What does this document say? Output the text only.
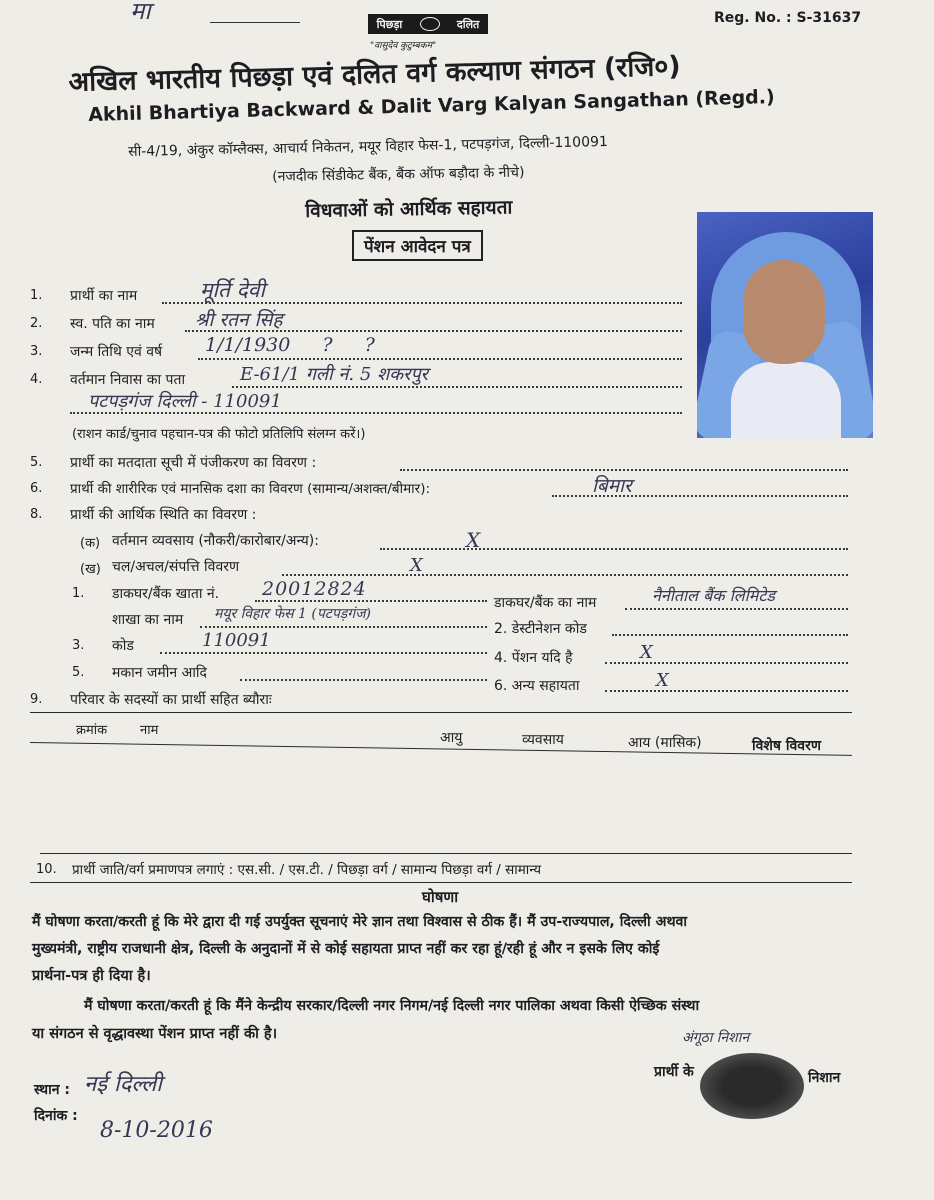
मा	पिछड़ा	दलित
"वासुदेव कुटुम्बकम"
Reg. No. : S-31637
अखिल भारतीय पिछड़ा एवं दलित वर्ग कल्याण संगठन (रजि०)
Akhil Bhartiya Backward & Dalit Varg Kalyan Sangathan (Regd.)
सी-4/19, अंकुर कॉम्लैक्स, आचार्य निकेतन, मयूर विहार फेस-1, पटपड़गंज, दिल्ली-110091
(नजदीक सिंडीकेट बैंक, बैंक ऑफ बड़ौदा के नीचे)
विधवाओं को आर्थिक सहायता
पेंशन आवेदन पत्र
1. प्रार्थी का नाम	मूर्ति देवी
2. स्व. पति का नाम श्री रतन सिंह
3. जन्म तिथि एवं वर्ष 1/1/1930 ? ?
4. वर्तमान निवास का पता	E-61/1 गली नं. 5 शकरपुर
पटपड़गंज दिल्ली - 110091
(राशन कार्ड/चुनाव पहचान-पत्र की फोटो प्रतिलिपि संलग्न करें।)
5. प्रार्थी का मतदाता सूची में पंजीकरण का विवरण :
6. प्रार्थी की शारीरिक एवं मानसिक दशा का विवरण (सामान्य/अशक्त/बीमार):	बिमार
8. प्रार्थी की आर्थिक स्थिति का विवरण :
(क) वर्तमान व्यवसाय (नौकरी/कारोबार/अन्य):	X
(ख) चल/अचल/संपत्ति विवरण	X
1. डाकघर/बैंक खाता नं. 20012824
डाकघर/बैंक का नाम	नैनीताल बैंक लिमिटेड
शाखा का नाम मयूर विहार फेस 1 (पटपड़गंज)
2. डेस्टीनेशन कोड
3. कोड	110091
4. पेंशन यदि है	X
5. मकान जमीन आदि
6. अन्य सहायता	X
9. परिवार के सदस्यों का प्रार्थी सहित ब्यौराः
क्रमांक	नाम	आयु	व्यवसाय	आय (मासिक)	विशेष विवरण
10. प्रार्थी जाति/वर्ग प्रमाणपत्र लगाएं : एस.सी. / एस.टी. / पिछड़ा वर्ग / सामान्य पिछड़ा वर्ग / सामान्य
घोषणा
मैं घोषणा करता/करती हूं कि मेरे द्वारा दी गई उपर्युक्त सूचनाएं मेरे ज्ञान तथा विश्वास से ठीक हैं। मैं उप-राज्यपाल, दिल्ली अथवा
मुख्यमंत्री, राष्ट्रीय राजधानी क्षेत्र, दिल्ली के अनुदानों में से कोई सहायता प्राप्त नहीं कर रहा हूं/रही हूं और न इसके लिए कोई
प्रार्थना-पत्र ही दिया है।
मैं घोषणा करता/करती हूं कि मैंने केन्द्रीय सरकार/दिल्ली नगर निगम/नई दिल्ली नगर पालिका अथवा किसी ऐच्छिक संस्था
या संगठन से वृद्धावस्था पेंशन प्राप्त नहीं की है।	अंगूठा निशान
प्रार्थी के	निशान
स्थान : नई दिल्ली
दिनांक :
8-10-2016
